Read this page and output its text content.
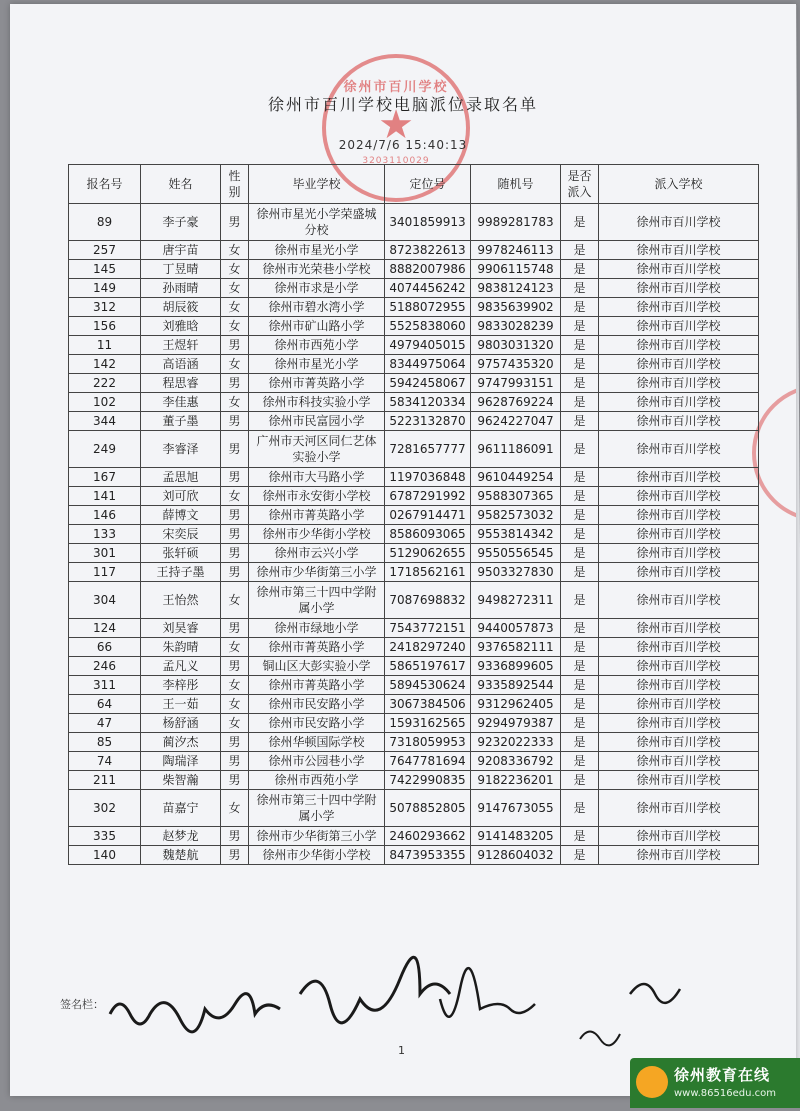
徐州市百川学校
★
3203110029
徐州市百川学校电脑派位录取名单
2024/7/6 15:40:13
报名号	姓名	性别	毕业学校	定位号	随机号	是否派入	派入学校
89	李子豪	男	徐州市星光小学荣盛城分校	3401859913	9989281783	是	徐州市百川学校
257	唐宇苗	女	徐州市星光小学	8723822613	9978246113	是	徐州市百川学校
145	丁昱晴	女	徐州市光荣巷小学校	8882007986	9906115748	是	徐州市百川学校
149	孙雨晴	女	徐州市求是小学	4074456242	9838124123	是	徐州市百川学校
312	胡辰筱	女	徐州市碧水湾小学	5188072955	9835639902	是	徐州市百川学校
156	刘雅晗	女	徐州市矿山路小学	5525838060	9833028239	是	徐州市百川学校
11	王煜轩	男	徐州市西苑小学	4979405015	9803031320	是	徐州市百川学校
142	高语涵	女	徐州市星光小学	8344975064	9757435320	是	徐州市百川学校
222	程思睿	男	徐州市菁英路小学	5942458067	9747993151	是	徐州市百川学校
102	李佳惠	女	徐州市科技实验小学	5834120334	9628769224	是	徐州市百川学校
344	董子墨	男	徐州市民富园小学	5223132870	9624227047	是	徐州市百川学校
249	李睿泽	男	广州市天河区同仁艺体实验小学	7281657777	9611186091	是	徐州市百川学校
167	孟思旭	男	徐州市大马路小学	1197036848	9610449254	是	徐州市百川学校
141	刘可欣	女	徐州市永安街小学校	6787291992	9588307365	是	徐州市百川学校
146	薛博文	男	徐州市菁英路小学	0267914471	9582573032	是	徐州市百川学校
133	宋奕辰	男	徐州市少华街小学校	8586093065	9553814342	是	徐州市百川学校
301	张轩硕	男	徐州市云兴小学	5129062655	9550556545	是	徐州市百川学校
117	王持子墨	男	徐州市少华街第三小学	1718562161	9503327830	是	徐州市百川学校
304	王怡然	女	徐州市第三十四中学附属小学	7087698832	9498272311	是	徐州市百川学校
124	刘昊睿	男	徐州市绿地小学	7543772151	9440057873	是	徐州市百川学校
66	朱韵晴	女	徐州市菁英路小学	2418297240	9376582111	是	徐州市百川学校
246	孟凡义	男	铜山区大彭实验小学	5865197617	9336899605	是	徐州市百川学校
311	李梓彤	女	徐州市菁英路小学	5894530624	9335892544	是	徐州市百川学校
64	王一茹	女	徐州市民安路小学	3067384506	9312962405	是	徐州市百川学校
47	杨舒涵	女	徐州市民安路小学	1593162565	9294979387	是	徐州市百川学校
85	蔺汐杰	男	徐州华顿国际学校	7318059953	9232022333	是	徐州市百川学校
74	陶瑞泽	男	徐州市公园巷小学	7647781694	9208336792	是	徐州市百川学校
211	柴智瀚	男	徐州市西苑小学	7422990835	9182236201	是	徐州市百川学校
302	苗嘉宁	女	徐州市第三十四中学附属小学	5078852805	9147673055	是	徐州市百川学校
335	赵梦龙	男	徐州市少华街第三小学	2460293662	9141483205	是	徐州市百川学校
140	魏楚航	男	徐州市少华街小学校	8473953355	9128604032	是	徐州市百川学校
签名栏：
1
徐州教育在线
www.86516edu.com
